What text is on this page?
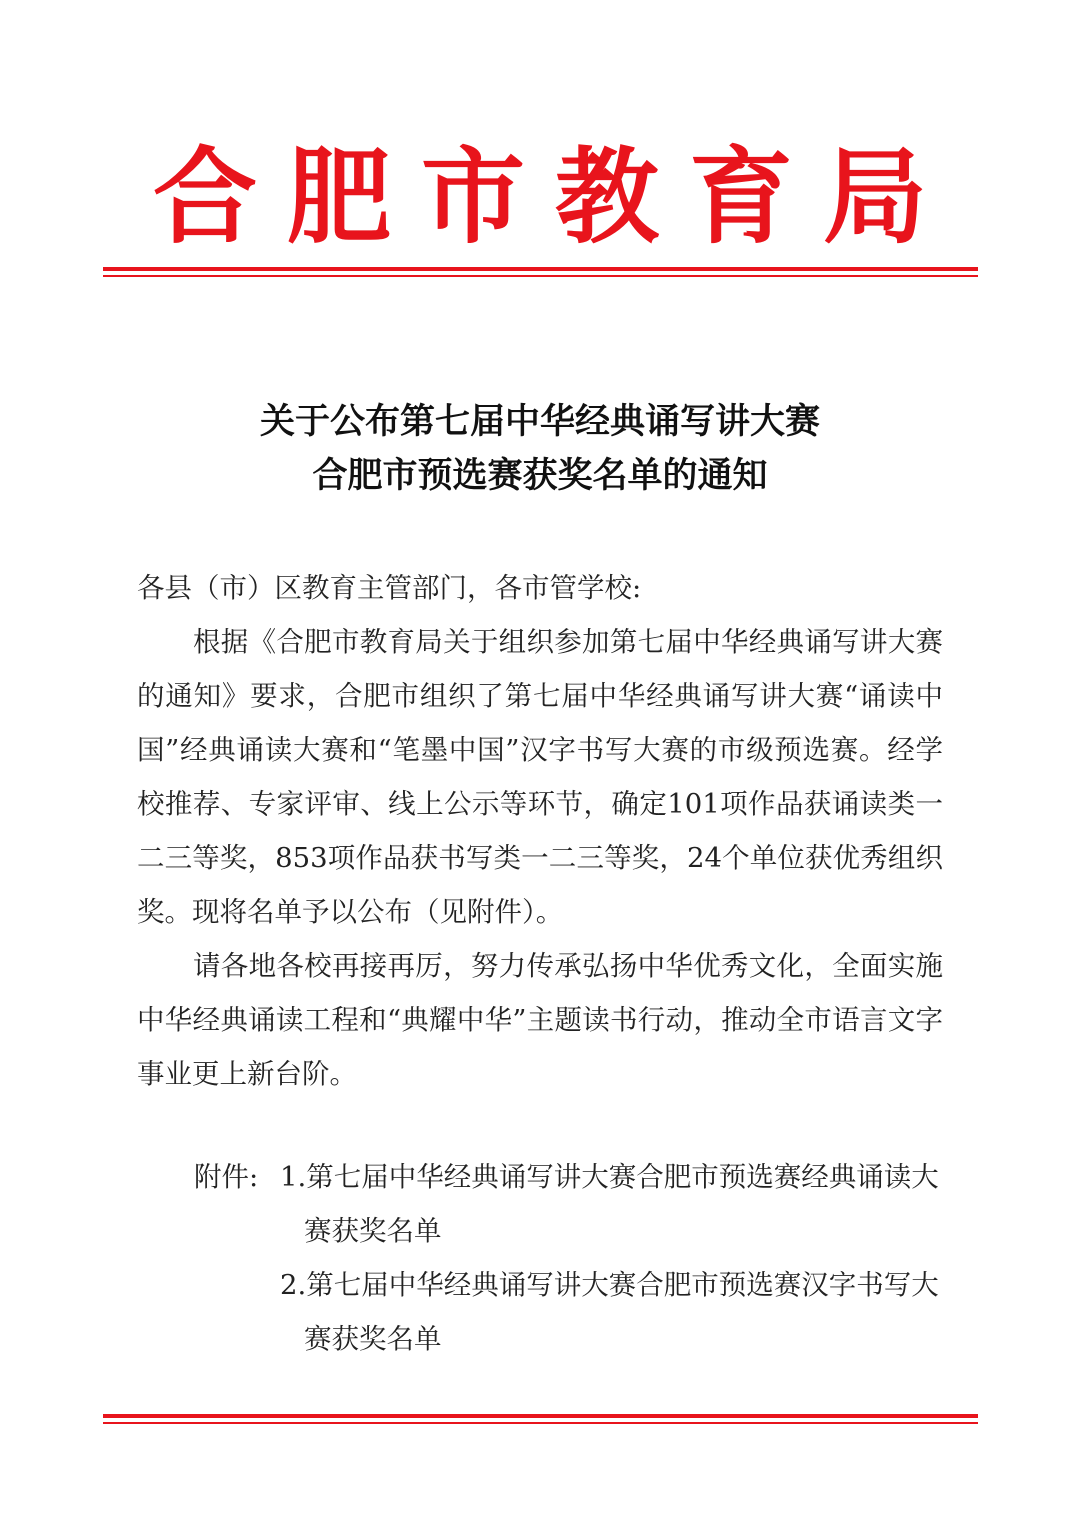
合肥市教育局
关于公布第七届中华经典诵写讲大赛
合肥市预选赛获奖名单的通知
各县（市）区教育主管部门，各市管学校:
根据《合肥市教育局关于组织参加第七届中华经典诵写讲大赛的通知》要求，合肥市组织了第七届中华经典诵写讲大赛“诵读中国”经典诵读大赛和“笔墨中国”汉字书写大赛的市级预选赛。经学校推荐、专家评审、线上公示等环节，确定101项作品获诵读类一二三等奖，853项作品获书写类一二三等奖，24个单位获优秀组织奖。现将名单予以公布（见附件）。
请各地各校再接再厉，努力传承弘扬中华优秀文化，全面实施中华经典诵读工程和“典耀中华”主题读书行动，推动全市语言文字事业更上新台阶。
附件: 1.第七届中华经典诵写讲大赛合肥市预选赛经典诵读大赛获奖名单
2.第七届中华经典诵写讲大赛合肥市预选赛汉字书写大赛获奖名单
